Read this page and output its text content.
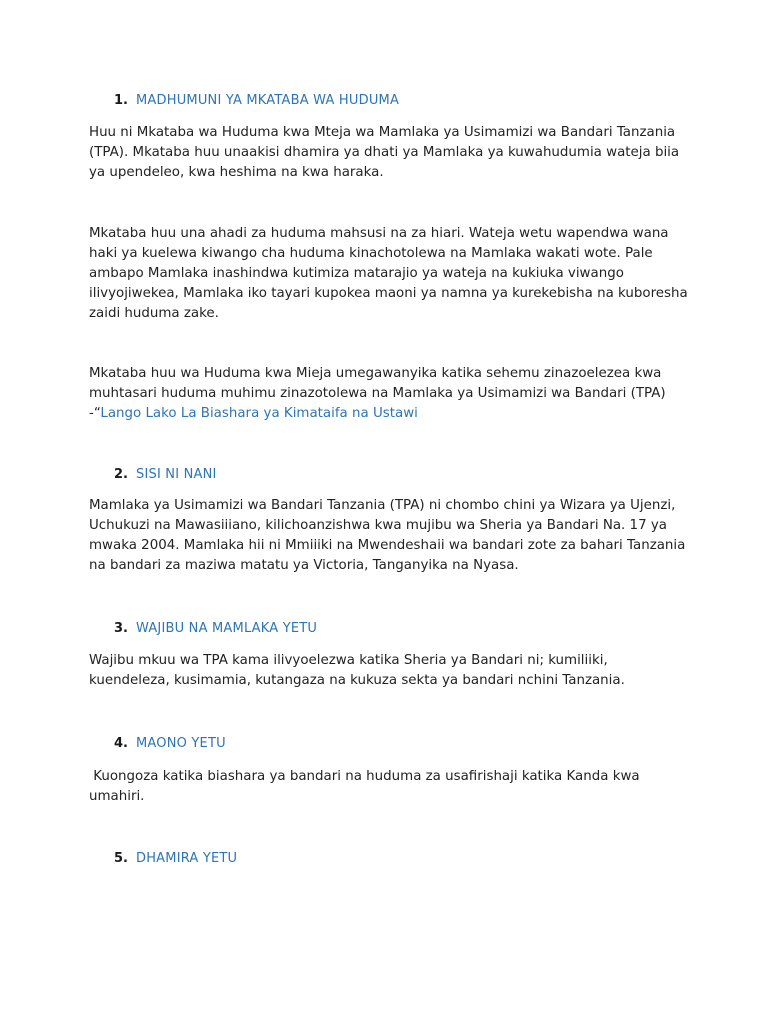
1. MADHUMUNI YA MKATABA WA HUDUMA

Huu ni Mkataba wa Huduma kwa Mteja wa Mamlaka ya Usimamizi wa Bandari Tanzania (TPA). Mkataba huu unaakisi dhamira ya dhati ya Mamlaka ya kuwahudumia wateja biia ya upendeleo, kwa heshima na kwa haraka.

Mkataba huu una ahadi za huduma mahsusi na za hiari. Wateja wetu wapendwa wana haki ya kuelewa kiwango cha huduma kinachotolewa na Mamlaka wakati wote. Pale ambapo Mamlaka inashindwa kutimiza matarajio ya wateja na kukiuka viwango ilivyojiwekea, Mamlaka iko tayari kupokea maoni ya namna ya kurekebisha na kuboresha zaidi huduma zake.

Mkataba huu wa Huduma kwa Mieja umegawanyika katika sehemu zinazoelezea kwa muhtasari huduma muhimu zinazotolewa na Mamlaka ya Usimamizi wa Bandari (TPA) -“Lango Lako La Biashara ya Kimataifa na Ustawi

2. SISI NI NANI

Mamlaka ya Usimamizi wa Bandari Tanzania (TPA) ni chombo chini ya Wizara ya Ujenzi, Uchukuzi na Mawasiiiano, kilichoanzishwa kwa mujibu wa Sheria ya Bandari Na. 17 ya mwaka 2004. Mamlaka hii ni Mmiiiki na Mwendeshaii wa bandari zote za bahari Tanzania na bandari za maziwa matatu ya Victoria, Tanganyika na Nyasa.

3. WAJIBU NA MAMLAKA YETU

Wajibu mkuu wa TPA kama ilivyoelezwa katika Sheria ya Bandari ni; kumiliiki, kuendeleza, kusimamia, kutangaza na kukuza sekta ya bandari nchini Tanzania.

4. MAONO YETU

Kuongoza katika biashara ya bandari na huduma za usafirishaji katika Kanda kwa umahiri.

5. DHAMIRA YETU
